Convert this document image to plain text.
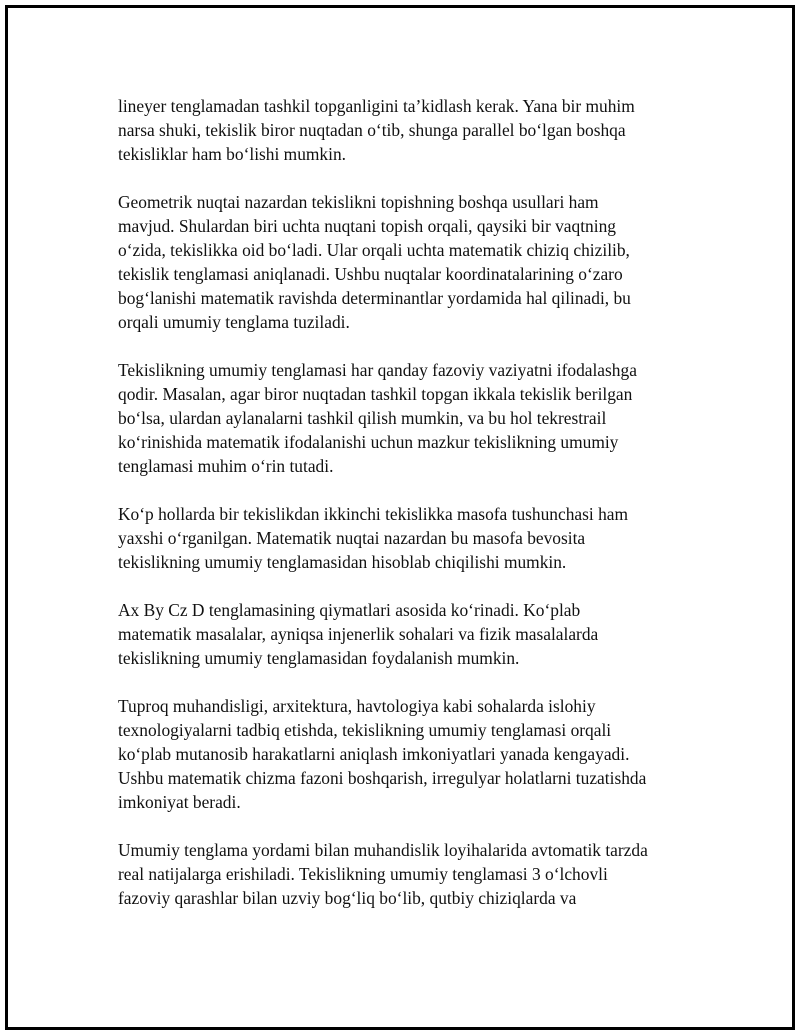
lineyer tenglamadan tashkil topganligini ta’kidlash kerak. Yana bir muhim
narsa shuki, tekislik biror nuqtadan o‘tib, shunga parallel bo‘lgan boshqa
tekisliklar ham bo‘lishi mumkin.

Geometrik nuqtai nazardan tekislikni topishning boshqa usullari ham
mavjud. Shulardan biri uchta nuqtani topish orqali, qaysiki bir vaqtning
o‘zida, tekislikka oid bo‘ladi. Ular orqali uchta matematik chiziq chizilib,
tekislik tenglamasi aniqlanadi. Ushbu nuqtalar koordinatalarining o‘zaro
bog‘lanishi matematik ravishda determinantlar yordamida hal qilinadi, bu
orqali umumiy tenglama tuziladi.

Tekislikning umumiy tenglamasi har qanday fazoviy vaziyatni ifodalashga
qodir. Masalan, agar biror nuqtadan tashkil topgan ikkala tekislik berilgan
bo‘lsa, ulardan aylanalarni tashkil qilish mumkin, va bu hol tekrestrail
ko‘rinishida matematik ifodalanishi uchun mazkur tekislikning umumiy
tenglamasi muhim o‘rin tutadi.

Ko‘p hollarda bir tekislikdan ikkinchi tekislikka masofa tushunchasi ham
yaxshi o‘rganilgan. Matematik nuqtai nazardan bu masofa bevosita
tekislikning umumiy tenglamasidan hisoblab chiqilishi mumkin.

Ax By Cz D tenglamasining qiymatlari asosida ko‘rinadi. Ko‘plab
matematik masalalar, ayniqsa injenerlik sohalari va fizik masalalarda
tekislikning umumiy tenglamasidan foydalanish mumkin.

Tuproq muhandisligi, arxitektura, havtologiya kabi sohalarda islohiy
texnologiyalarni tadbiq etishda, tekislikning umumiy tenglamasi orqali
ko‘plab mutanosib harakatlarni aniqlash imkoniyatlari yanada kengayadi.
Ushbu matematik chizma fazoni boshqarish, irregulyar holatlarni tuzatishda
imkoniyat beradi.

Umumiy tenglama yordami bilan muhandislik loyihalarida avtomatik tarzda
real natijalarga erishiladi. Tekislikning umumiy tenglamasi 3 o‘lchovli
fazoviy qarashlar bilan uzviy bog‘liq bo‘lib, qutbiy chiziqlarda va
